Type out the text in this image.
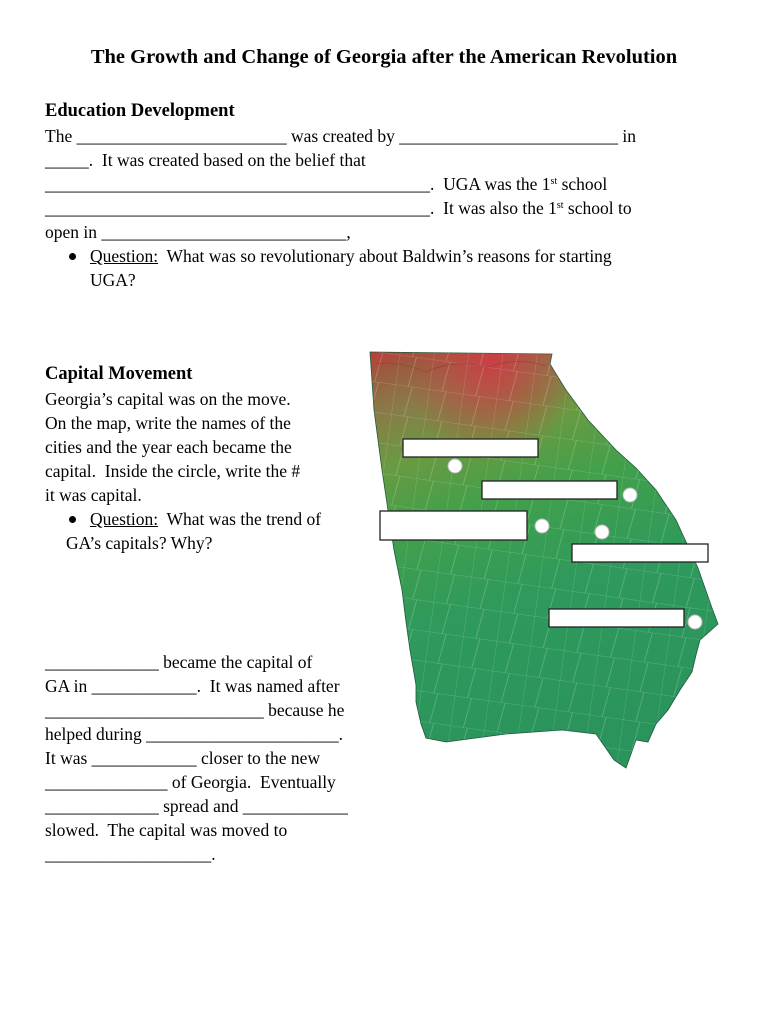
The Growth and Change of Georgia after the American Revolution
Education Development
The ________________________ was created by _________________________ in
_____.  It was created based on the belief that
____________________________________________.  UGA was the 1st school
____________________________________________.  It was also the 1st school to
open in ____________________________,
Question:  What was so revolutionary about Baldwin’s reasons for starting
UGA?
Capital Movement
Georgia’s capital was on the move.
On the map, write the names of the
cities and the year each became the
capital.  Inside the circle, write the #
it was capital.
Question:  What was the trend of
GA’s capitals? Why?
_____________ became the capital of
GA in ____________.  It was named after
_________________________ because he
helped during ______________________.
It was ____________ closer to the new
______________ of Georgia.  Eventually
_____________ spread and ____________
slowed.  The capital was moved to
___________________.
